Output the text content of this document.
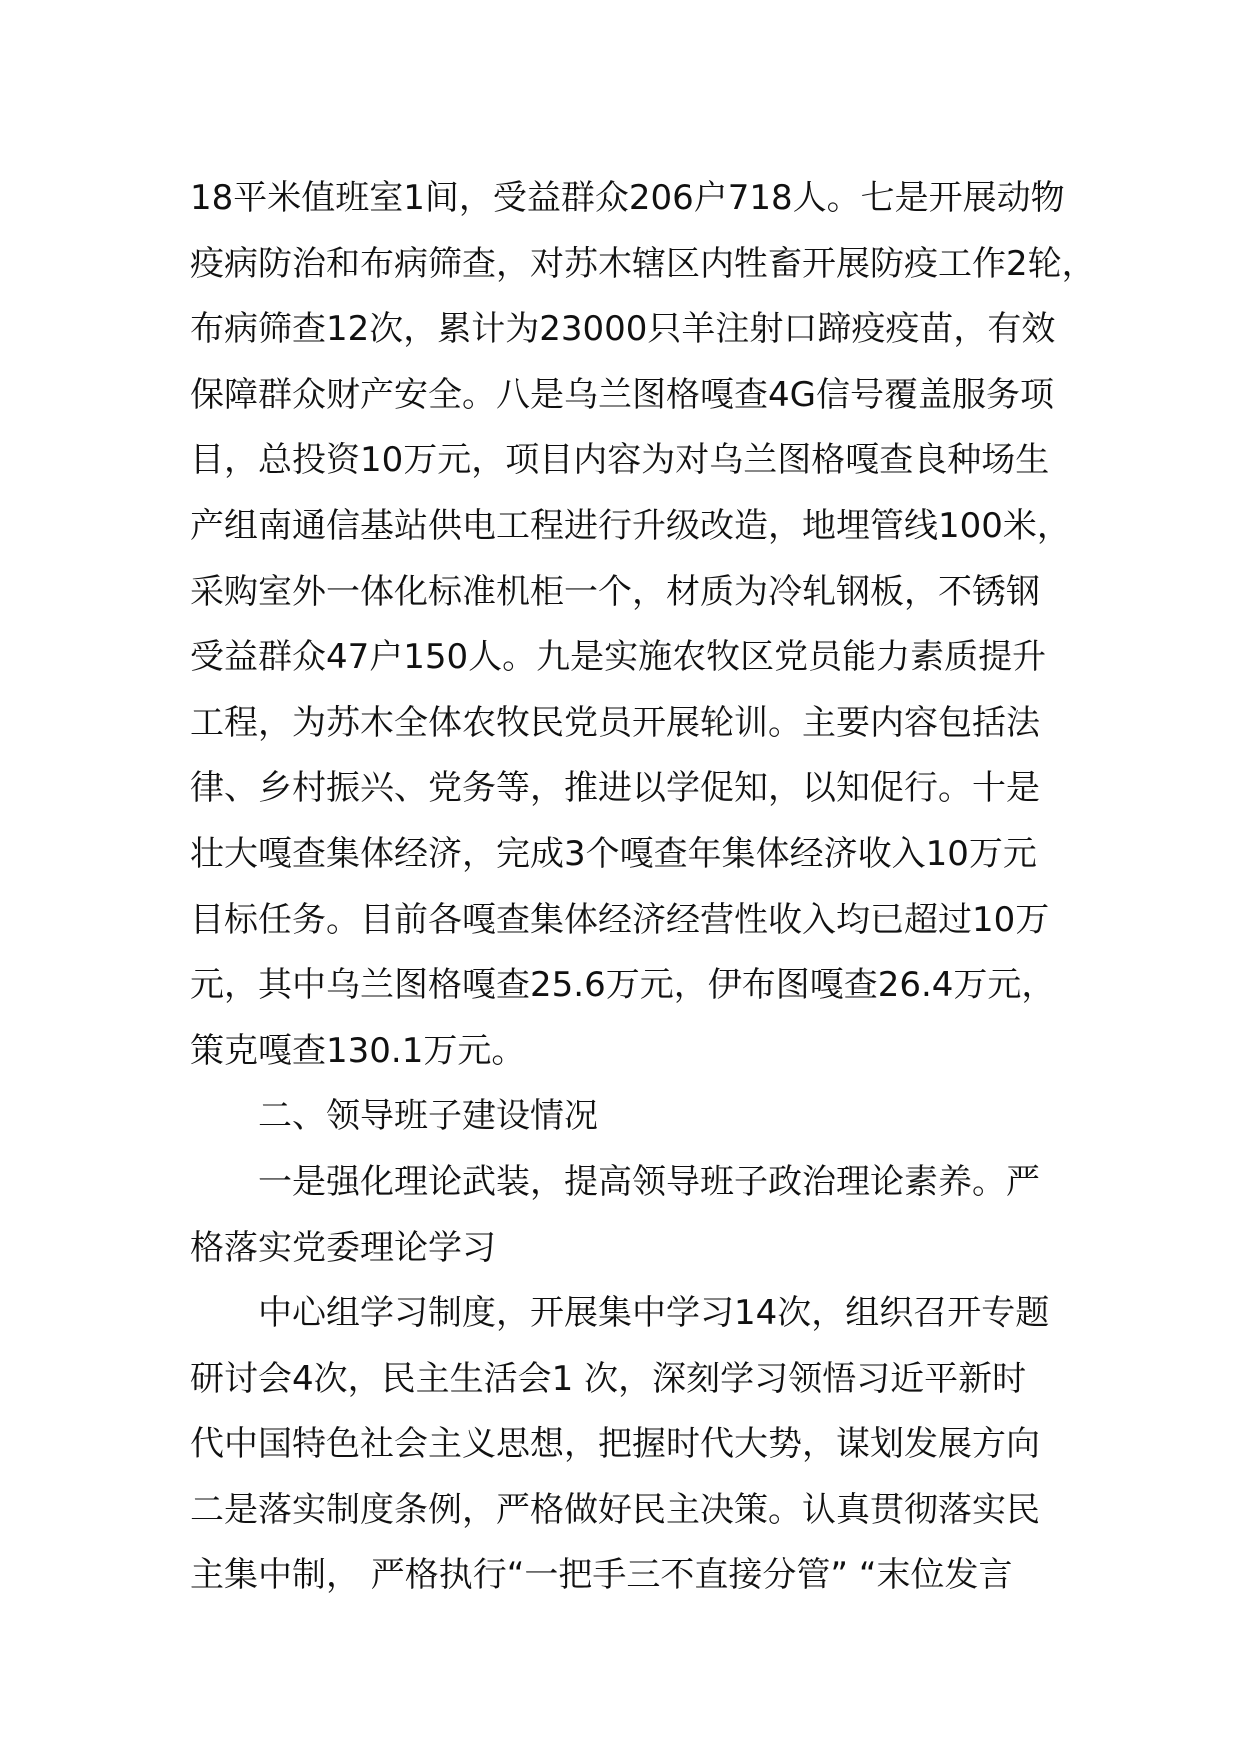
18平米值班室1间，受益群众206户718人。七是开展动物
疫病防治和布病筛查，对苏木辖区内牲畜开展防疫工作2轮，
布病筛查12次，累计为23000只羊注射口蹄疫疫苗，有效
保障群众财产安全。八是乌兰图格嘎查4G信号覆盖服务项
目，总投资10万元，项目内容为对乌兰图格嘎查良种场生
产组南通信基站供电工程进行升级改造，地埋管线100米，
采购室外一体化标准机柜一个，材质为冷轧钢板，不锈钢
受益群众47户150人。九是实施农牧区党员能力素质提升
工程，为苏木全体农牧民党员开展轮训。主要内容包括法
律、乡村振兴、党务等，推进以学促知，以知促行。十是
壮大嘎查集体经济，完成3个嘎查年集体经济收入10万元
目标任务。目前各嘎查集体经济经营性收入均已超过10万
元，其中乌兰图格嘎查25.6万元，伊布图嘎查26.4万元，
策克嘎查130.1万元。
二、领导班子建设情况
一是强化理论武装，提高领导班子政治理论素养。严
格落实党委理论学习
中心组学习制度，开展集中学习14次，组织召开专题
研讨会4次，民主生活会1 次，深刻学习领悟习近平新时
代中国特色社会主义思想，把握时代大势，谋划发展方向
二是落实制度条例，严格做好民主决策。认真贯彻落实民
主集中制， 严格执行“一把手三不直接分管” “末位发言
